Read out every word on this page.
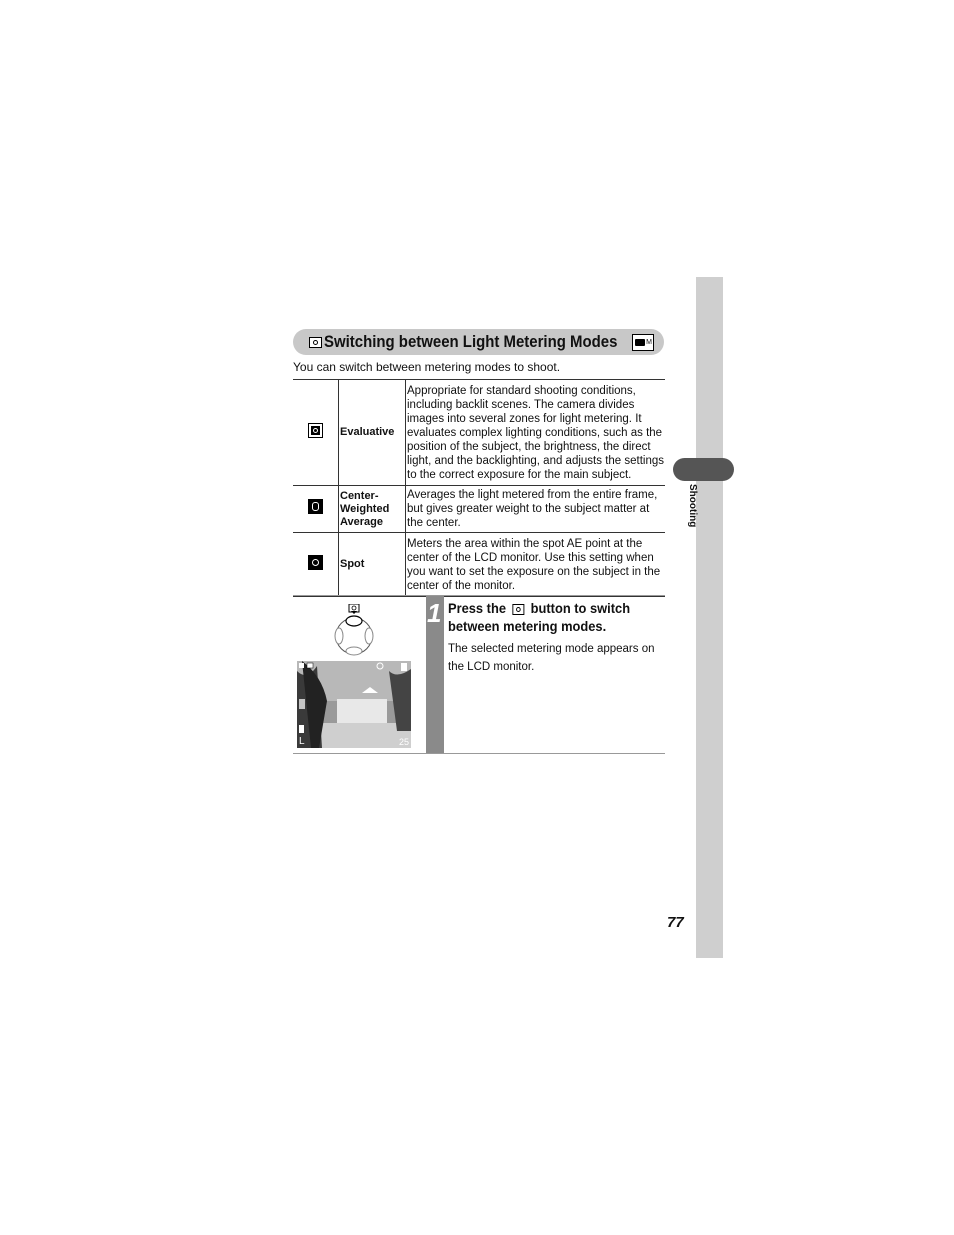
Shooting
77
Switching between Light Metering Modes
M
You can switch between metering modes to shoot.
	Evaluative	Appropriate for standard shooting conditions, including backlit scenes. The camera divides images into several zones for light metering. It evaluates complex lighting conditions, such as the position of the subject, the brightness, the direct light, and the backlighting, and adjusts the settings to the correct exposure for the main subject.
	Center-
Weighted
Average	Averages the light metered from the entire frame, but gives greater weight to the subject matter at the center.
	Spot	Meters the area within the spot AE point at the center of the LCD monitor. Use this setting when you want to set the exposure on the subject in the center of the monitor.
L	25
1 Press the button to switch between metering modes.
The selected metering mode appears on the LCD monitor.
